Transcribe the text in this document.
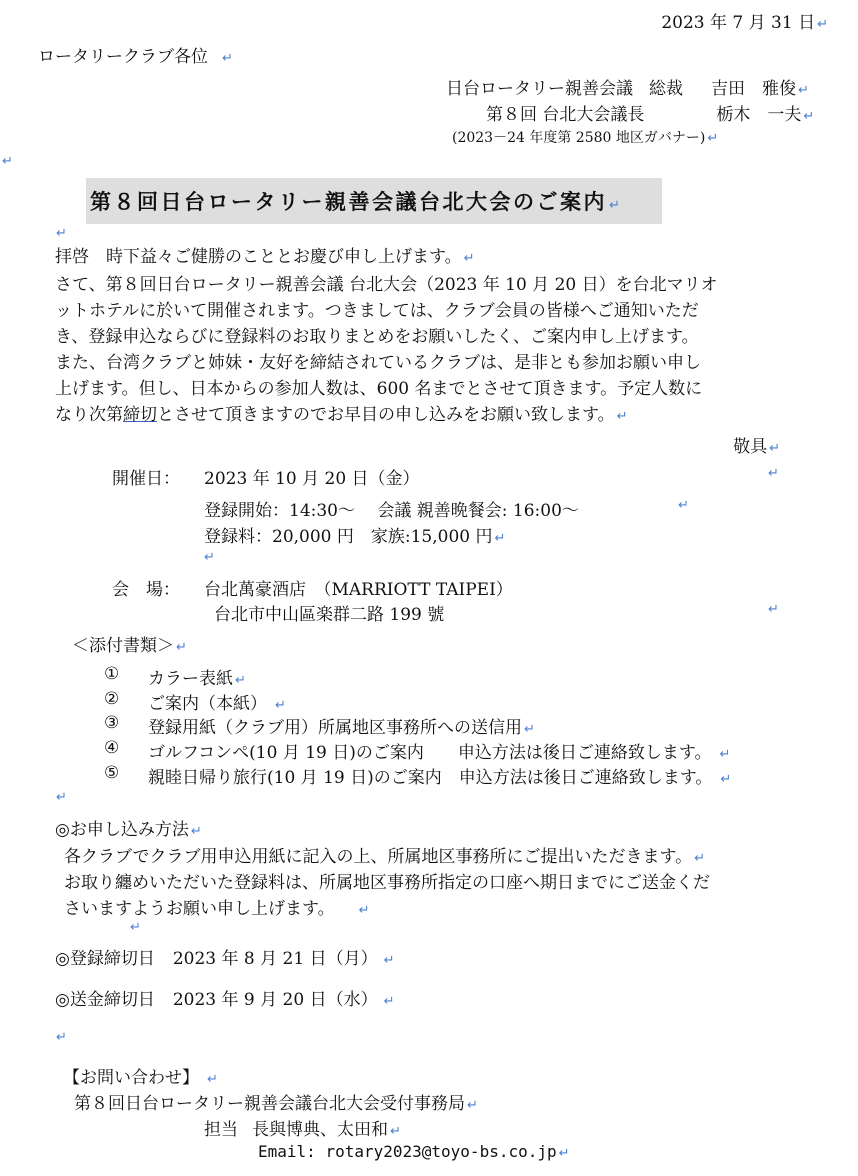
2023 年 7 月 31 日 ↵
ロータリークラブ各位 ↵
日台ロータリー親善会議 総裁 吉田　雅俊 ↵
第８回 台北大会議長	栃木　一夫 ↵
(2023－24 年度第 2580 地区ガバナー) ↵
↵
第８回日台ロータリー親善会議台北大会のご案内 ↵
↵
拝啓　時下益々ご健勝のこととお慶び申し上げます。 ↵
さて、第８回日台ロータリー親善会議 台北大会（2023 年 10 月 20 日）を台北マリオ
ットホテルに於いて開催されます。つきましては、クラブ会員の皆様へご通知いただ
き、登録申込ならびに登録料のお取りまとめをお願いしたく、ご案内申し上げます。
また、台湾クラブと姉妹・友好を締結されているクラブは、是非とも参加お願い申し
上げます。但し、日本からの参加人数は、600 名までとさせて頂きます。予定人数に
なり次第締切とさせて頂きますのでお早目の申し込みをお願い致します。 ↵
敬具 ↵
開催日： 2023 年 10 月 20 日（金）	↵
登録開始：14:30～　 会議 親善晩餐会: 16:00～	↵
登録料：20,000 円　家族:15,000 円 ↵
↵
会　場： 台北萬豪酒店　（MARRIOTT TAIPEI）
台北市中山區楽群二路 199 號	↵
＜添付書類＞ ↵
① カラー表紙 ↵
② ご案内（本紙） ↵
③ 登録用紙（クラブ用）所属地区事務所への送信用 ↵
④ ゴルフコンペ(10 月 19 日)のご案内　　申込方法は後日ご連絡致します。 ↵
⑤ 親睦日帰り旅行(10 月 19 日)のご案内　申込方法は後日ご連絡致します。 ↵
↵
◎お申し込み方法 ↵
各クラブでクラブ用申込用紙に記入の上、所属地区事務所にご提出いただきます。 ↵
お取り纏めいただいた登録料は、所属地区事務所指定の口座へ期日までにご送金くだ
さいますようお願い申し上げます。 ↵
↵
◎登録締切日 2023 年 8 月 21 日（月） ↵
◎送金締切日 2023 年 9 月 20 日（水） ↵
↵
【お問い合わせ】 ↵
第８回日台ロータリー親善会議台北大会受付事務局 ↵
担当 長與博典、太田和 ↵
Email: rotary2023@toyo-bs.co.jp ↵
